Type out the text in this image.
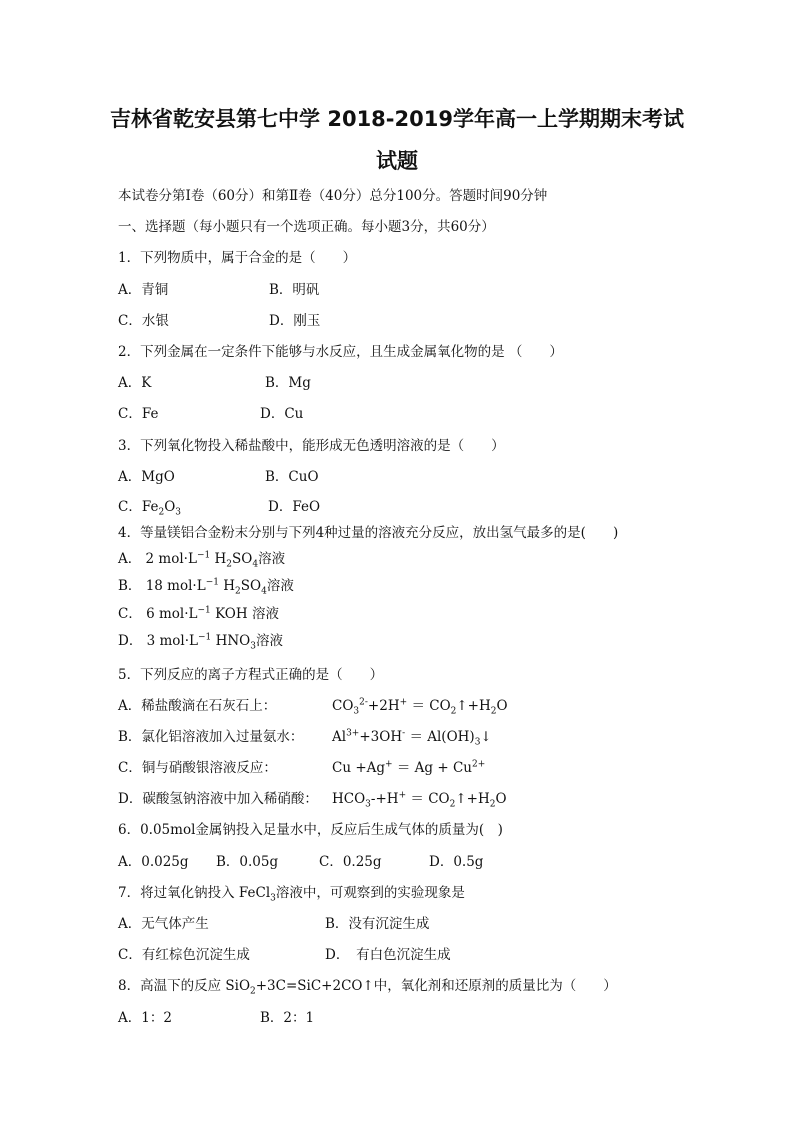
吉林省乾安县第七中学 2018-2019学年高一上学期期末考试
试题

本试卷分第Ⅰ卷（60分）和第Ⅱ卷（40分）总分100分。答题时间90分钟

一、选择题（每小题只有一个选项正确。每小题3分，共60分）

1．下列物质中，属于合金的是（　　）

A．青铜	B．明矾

C．水银	D．刚玉

2．下列金属在一定条件下能够与水反应，且生成金属氧化物的是 （　　）

A．K	B．Mg

C．Fe	D．Cu

3．下列氧化物投入稀盐酸中，能形成无色透明溶液的是（　　）

A．MgO	B．CuO

C．$Fe_2O_3$	D．FeO

4．等量镁铝合金粉末分别与下列4种过量的溶液充分反应，放出氢气最多的是(　　)

A． 2 $mol\cdot L^{-1}$ $H_2SO_4$溶液

B． 18 $mol\cdot L^{-1}$ $H_2SO_4$溶液

C． 6 $mol\cdot L^{-1}$ KOH 溶液

D． 3 $mol\cdot L^{-1}$ $HNO_3$溶液

5．下列反应的离子方程式正确的是（　　）

A．稀盐酸滴在石灰石上：	$CO_3^{2-}+2H^+$ ＝ $CO_2↑+H_2O$

B．氯化铝溶液加入过量氨水： $Al^{3+}+3OH^-$ ＝ $Al(OH)_3↓$

C．铜与硝酸银溶液反应：	$Cu +Ag^+ = Ag + Cu^{2+}$

D．碳酸氢钠溶液中加入稀硝酸： $HCO_3-+H^+$ ＝ $CO_2↑+H_2O$

6．0.05mol金属钠投入足量水中，反应后生成气体的质量为(　)

A．0.025g B．0.05g	C．0.25g	D．0.5g

7．将过氧化钠投入 FeCl$_3$溶液中，可观察到的实验现象是

A．无气体产生	B．没有沉淀生成

C．有红棕色沉淀生成	D．　有白色沉淀生成

8．高温下的反应 SiO$_2$+3C=SiC+2CO↑中，氧化剂和还原剂的质量比为（　　）

A．1：2	B．2：1
